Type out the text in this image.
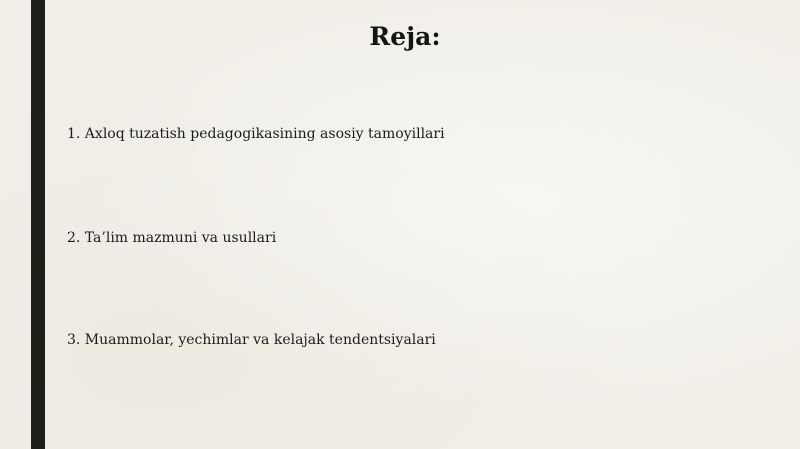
Reja:
1. Axloq tuzatish pedagogikasining asosiy tamoyillari
2. Ta’lim mazmuni va usullari
3. Muammolar, yechimlar va kelajak tendentsiyalari
